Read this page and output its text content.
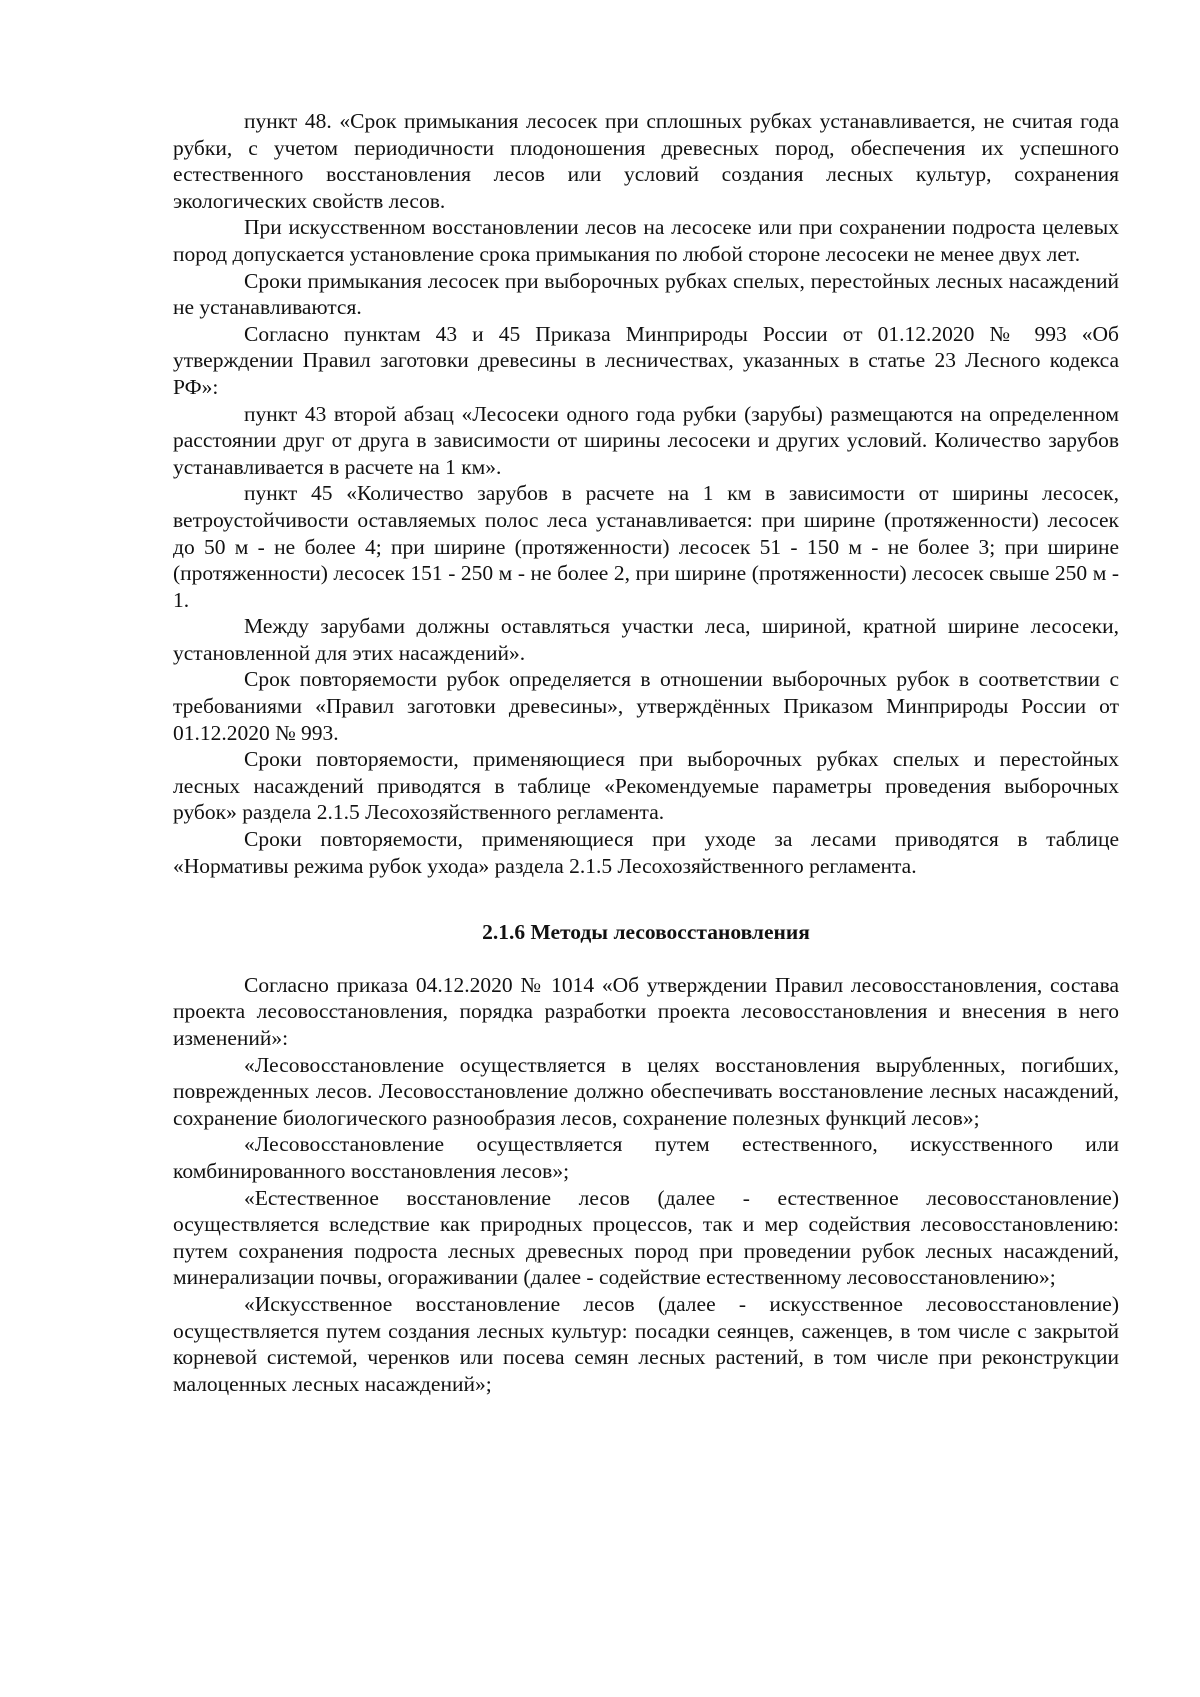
пункт 48. «Срок примыкания лесосек при сплошных рубках устанавливается, не считая года рубки, с учетом периодичности плодоношения древесных пород, обеспечения их успешного естественного восстановления лесов или условий создания лесных культур, сохранения экологических свойств лесов.

При искусственном восстановлении лесов на лесосеке или при сохранении подроста целевых пород допускается установление срока примыкания по любой стороне лесосеки не менее двух лет.

Сроки примыкания лесосек при выборочных рубках спелых, перестойных лесных насаждений не устанавливаются.

Согласно пунктам 43 и 45 Приказа Минприроды России от 01.12.2020 № 993 «Об утверждении Правил заготовки древесины в лесничествах, указанных в статье 23 Лесного кодекса РФ»:

пункт 43 второй абзац «Лесосеки одного года рубки (зарубы) размещаются на определенном расстоянии друг от друга в зависимости от ширины лесосеки и других условий. Количество зарубов устанавливается в расчете на 1 км».

пункт 45 «Количество зарубов в расчете на 1 км в зависимости от ширины лесосек, ветроустойчивости оставляемых полос леса устанавливается: при ширине (протяженности) лесосек до 50 м - не более 4; при ширине (протяженности) лесосек 51 - 150 м - не более 3; при ширине (протяженности) лесосек 151 - 250 м - не более 2, при ширине (протяженности) лесосек свыше 250 м - 1.

Между зарубами должны оставляться участки леса, шириной, кратной ширине лесосеки, установленной для этих насаждений».

Срок повторяемости рубок определяется в отношении выборочных рубок в соответствии с требованиями «Правил заготовки древесины», утверждённых Приказом Минприроды России от 01.12.2020 № 993.

Сроки повторяемости, применяющиеся при выборочных рубках спелых и перестойных лесных насаждений приводятся в таблице «Рекомендуемые параметры проведения выборочных рубок» раздела 2.1.5 Лесохозяйственного регламента.

Сроки повторяемости, применяющиеся при уходе за лесами приводятся в таблице «Нормативы режима рубок ухода» раздела 2.1.5 Лесохозяйственного регламента.

2.1.6 Методы лесовосстановления

Согласно приказа 04.12.2020 № 1014 «Об утверждении Правил лесовосстановления, состава проекта лесовосстановления, порядка разработки проекта лесовосстановления и внесения в него изменений»:

«Лесовосстановление осуществляется в целях восстановления вырубленных, погибших, поврежденных лесов. Лесовосстановление должно обеспечивать восстановление лесных насаждений, сохранение биологического разнообразия лесов, сохранение полезных функций лесов»;

«Лесовосстановление осуществляется путем естественного, искусственного или комбинированного восстановления лесов»;

«Естественное восстановление лесов (далее - естественное лесовосстановление) осуществляется вследствие как природных процессов, так и мер содействия лесовосстановлению: путем сохранения подроста лесных древесных пород при проведении рубок лесных насаждений, минерализации почвы, огораживании (далее - содействие естественному лесовосстановлению»;

«Искусственное восстановление лесов (далее - искусственное лесовосстановление) осуществляется путем создания лесных культур: посадки сеянцев, саженцев, в том числе с закрытой корневой системой, черенков или посева семян лесных растений, в том числе при реконструкции малоценных лесных насаждений»;
